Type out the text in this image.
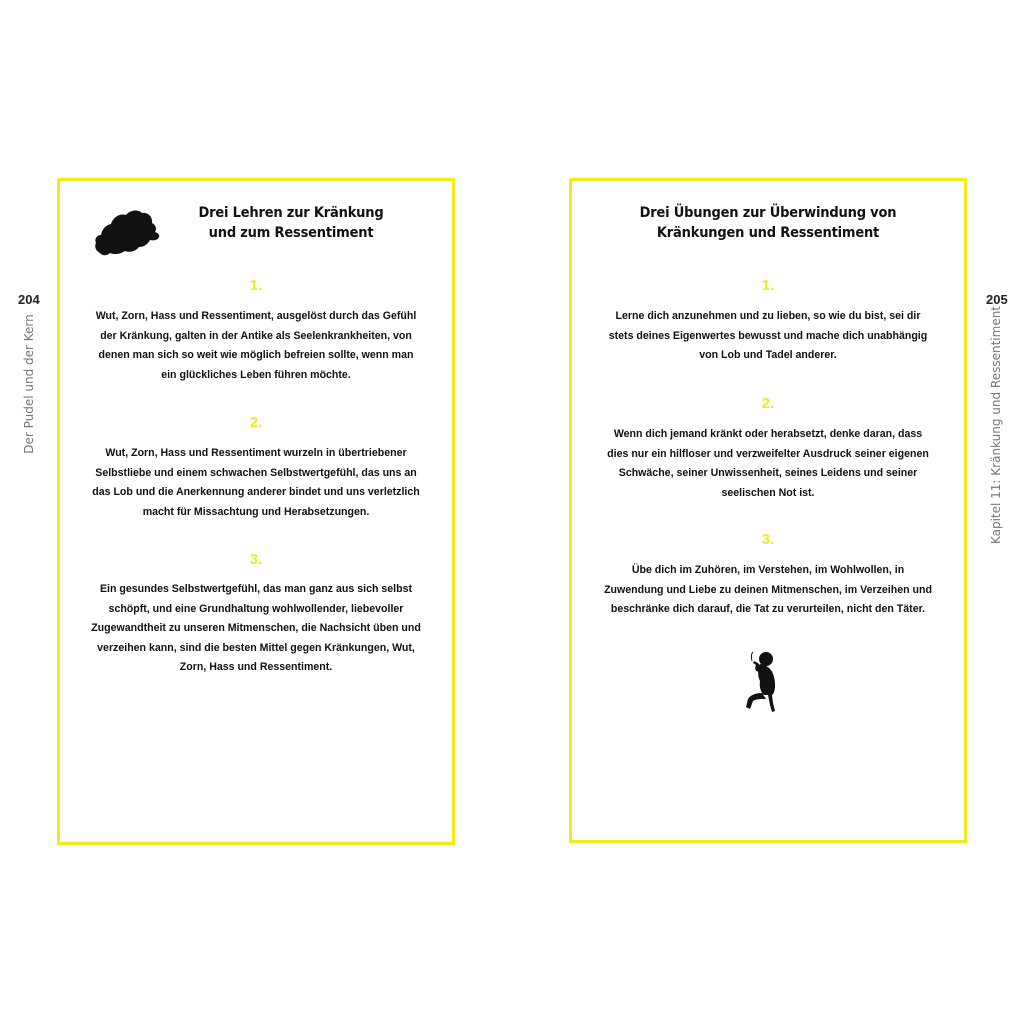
204
Der Pudel und der Kern
205
Kapitel 11: Kränkung und Ressentiment
Drei Lehren zur Kränkung
und zum Ressentiment
1.
Wut, Zorn, Hass und Ressentiment, ausgelöst durch das Gefühl
der Kränkung, galten in der Antike als Seelenkrankheiten, von
denen man sich so weit wie möglich befreien sollte, wenn man
ein glückliches Leben führen möchte.
2.
Wut, Zorn, Hass und Ressentiment wurzeln in übertriebener
Selbstliebe und einem schwachen Selbstwertgefühl, das uns an
das Lob und die Anerkennung anderer bindet und uns verletzlich
macht für Missachtung und Herabsetzungen.
3.
Ein gesundes Selbstwertgefühl, das man ganz aus sich selbst
schöpft, und eine Grundhaltung wohlwollender, liebevoller
Zugewandtheit zu unseren Mitmenschen, die Nachsicht üben und
verzeihen kann, sind die besten Mittel gegen Kränkungen, Wut,
Zorn, Hass und Ressentiment.
Drei Übungen zur Überwindung von
Kränkungen und Ressentiment
1.
Lerne dich anzunehmen und zu lieben, so wie du bist, sei dir
stets deines Eigenwertes bewusst und mache dich unabhängig
von Lob und Tadel anderer.
2.
Wenn dich jemand kränkt oder herabsetzt, denke daran, dass
dies nur ein hilfloser und verzweifelter Ausdruck seiner eigenen
Schwäche, seiner Unwissenheit, seines Leidens und seiner
seelischen Not ist.
3.
Übe dich im Zuhören, im Verstehen, im Wohlwollen, in
Zuwendung und Liebe zu deinen Mitmenschen, im Verzeihen und
beschränke dich darauf, die Tat zu verurteilen, nicht den Täter.
